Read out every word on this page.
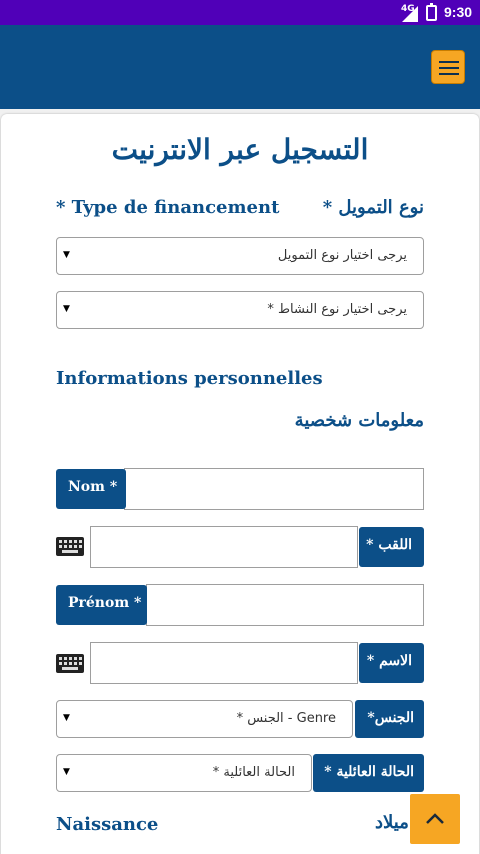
4G 9:30
التسجيل عبر الانترنيت
* Type de financement نوع التمويل *
▼	يرجى اختيار نوع التمويل
▼	يرجى اختيار نوع النشاط *
Informations personnelles
معلومات شخصية
Nom *
اللقب *
Prénom *
الاسم *
▼	Genre - الجنس * الجنس*
▼	الحالة العائلية * الحالة العائلية *
Naissance	ميلاد
